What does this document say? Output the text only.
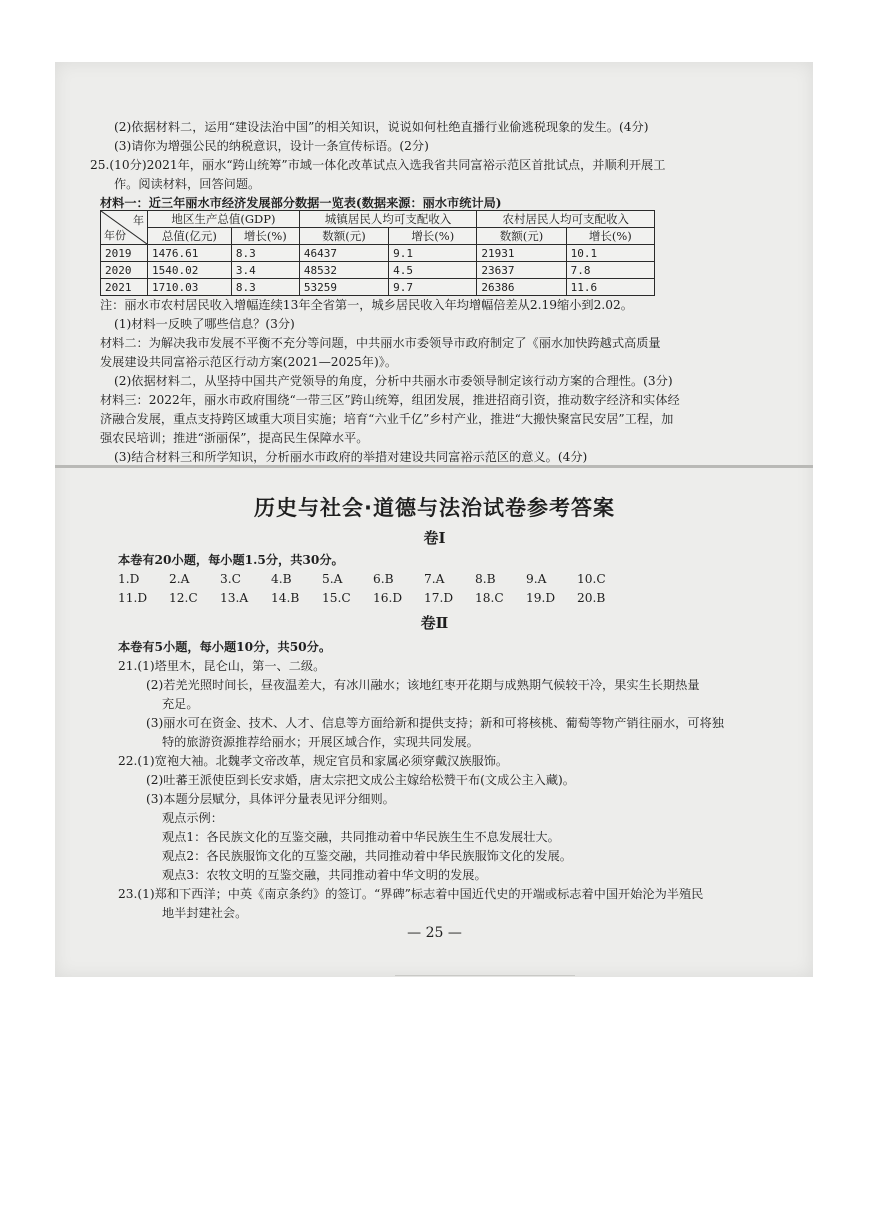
(2)依据材料二，运用“建设法治中国”的相关知识，说说如何杜绝直播行业偷逃税现象的发生。(4分)
(3)请你为增强公民的纳税意识，设计一条宣传标语。(2分)
25.(10分)2021年，丽水“跨山统筹”市域一体化改革试点入选我省共同富裕示范区首批试点，并顺利开展工
作。阅读材料，回答问题。
材料一：近三年丽水市经济发展部分数据一览表(数据来源：丽水市统计局)
年
年份	地区生产总值(GDP)		城镇居民人均可支配收入		农村居民人均可支配收入	
	总值(亿元)	增长(%)	数额(元)	增长(%)	数额(元)	增长(%)
2019	1476.61	8.3	46437	9.1	21931	10.1
2020	1540.02	3.4	48532	4.5	23637	7.8
2021	1710.03	8.3	53259	9.7	26386	11.6
注：丽水市农村居民收入增幅连续13年全省第一，城乡居民收入年均增幅倍差从2.19缩小到2.02。
(1)材料一反映了哪些信息？(3分)
材料二：为解决我市发展不平衡不充分等问题，中共丽水市委领导市政府制定了《丽水加快跨越式高质量
发展建设共同富裕示范区行动方案(2021—2025年)》。
(2)依据材料二，从坚持中国共产党领导的角度，分析中共丽水市委领导制定该行动方案的合理性。(3分)
材料三：2022年，丽水市政府围绕“一带三区”跨山统筹，组团发展，推进招商引资，推动数字经济和实体经
济融合发展，重点支持跨区域重大项目实施；培育“六业千亿”乡村产业，推进“大搬快聚富民安居”工程，加
强农民培训；推进“浙丽保”，提高民生保障水平。
(3)结合材料三和所学知识，分析丽水市政府的举措对建设共同富裕示范区的意义。(4分)
历史与社会·道德与法治试卷参考答案
卷Ⅰ
本卷有20小题，每小题1.5分，共30分。
1.D	2.A	3.C	4.B	5.A	6.B	7.A	8.B	9.A	10.C
11.D	12.C	13.A	14.B	15.C	16.D	17.D	18.C	19.D	20.B
卷Ⅱ
本卷有5小题，每小题10分，共50分。
21.(1)塔里木，昆仑山，第一、二级。
(2)若羌光照时间长，昼夜温差大，有冰川融水；该地红枣开花期与成熟期气候较干冷，果实生长期热量
充足。
(3)丽水可在资金、技术、人才、信息等方面给新和提供支持；新和可将核桃、葡萄等物产销往丽水，可将独
特的旅游资源推荐给丽水；开展区域合作，实现共同发展。
22.(1)宽袍大袖。北魏孝文帝改革，规定官员和家属必须穿戴汉族服饰。
(2)吐蕃王派使臣到长安求婚，唐太宗把文成公主嫁给松赞干布(文成公主入藏)。
(3)本题分层赋分，具体评分量表见评分细则。
观点示例：
观点1：各民族文化的互鉴交融，共同推动着中华民族生生不息发展壮大。
观点2：各民族服饰文化的互鉴交融，共同推动着中华民族服饰文化的发展。
观点3：农牧文明的互鉴交融，共同推动着中华文明的发展。
23.(1)郑和下西洋；中英《南京条约》的签订。“界碑”标志着中国近代史的开端或标志着中国开始沦为半殖民
地半封建社会。
— 25 —
